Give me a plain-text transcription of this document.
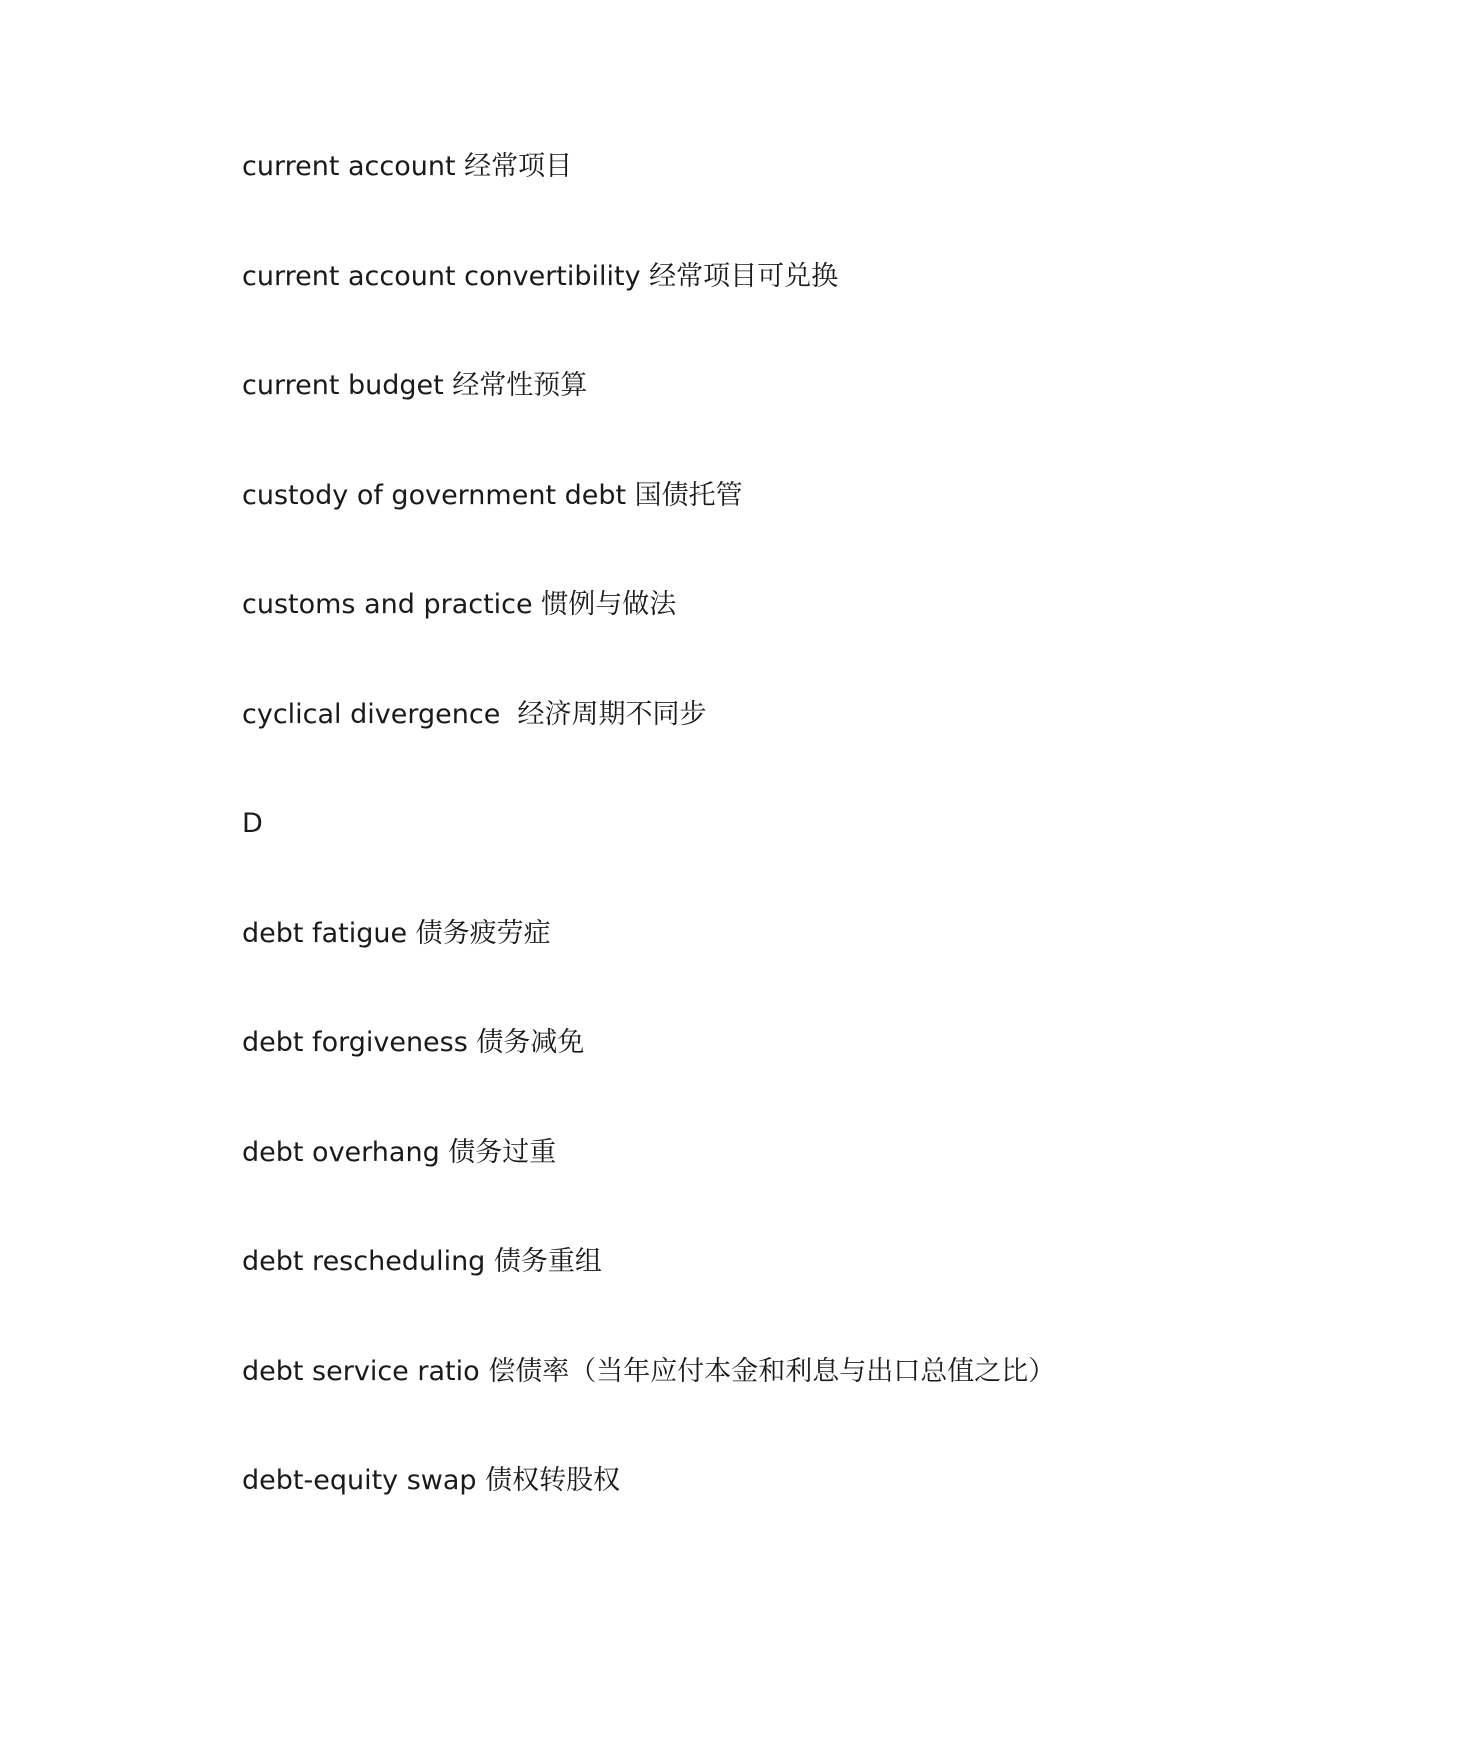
current account 经常项目
current account convertibility 经常项目可兑换
current budget 经常性预算
custody of government debt 国债托管
customs and practice 惯例与做法
cyclical divergence  经济周期不同步
D
debt fatigue 债务疲劳症
debt forgiveness 债务减免
debt overhang 债务过重
debt rescheduling 债务重组
debt service ratio 偿债率（当年应付本金和利息与出口总值之比）
debt-equity swap 债权转股权
